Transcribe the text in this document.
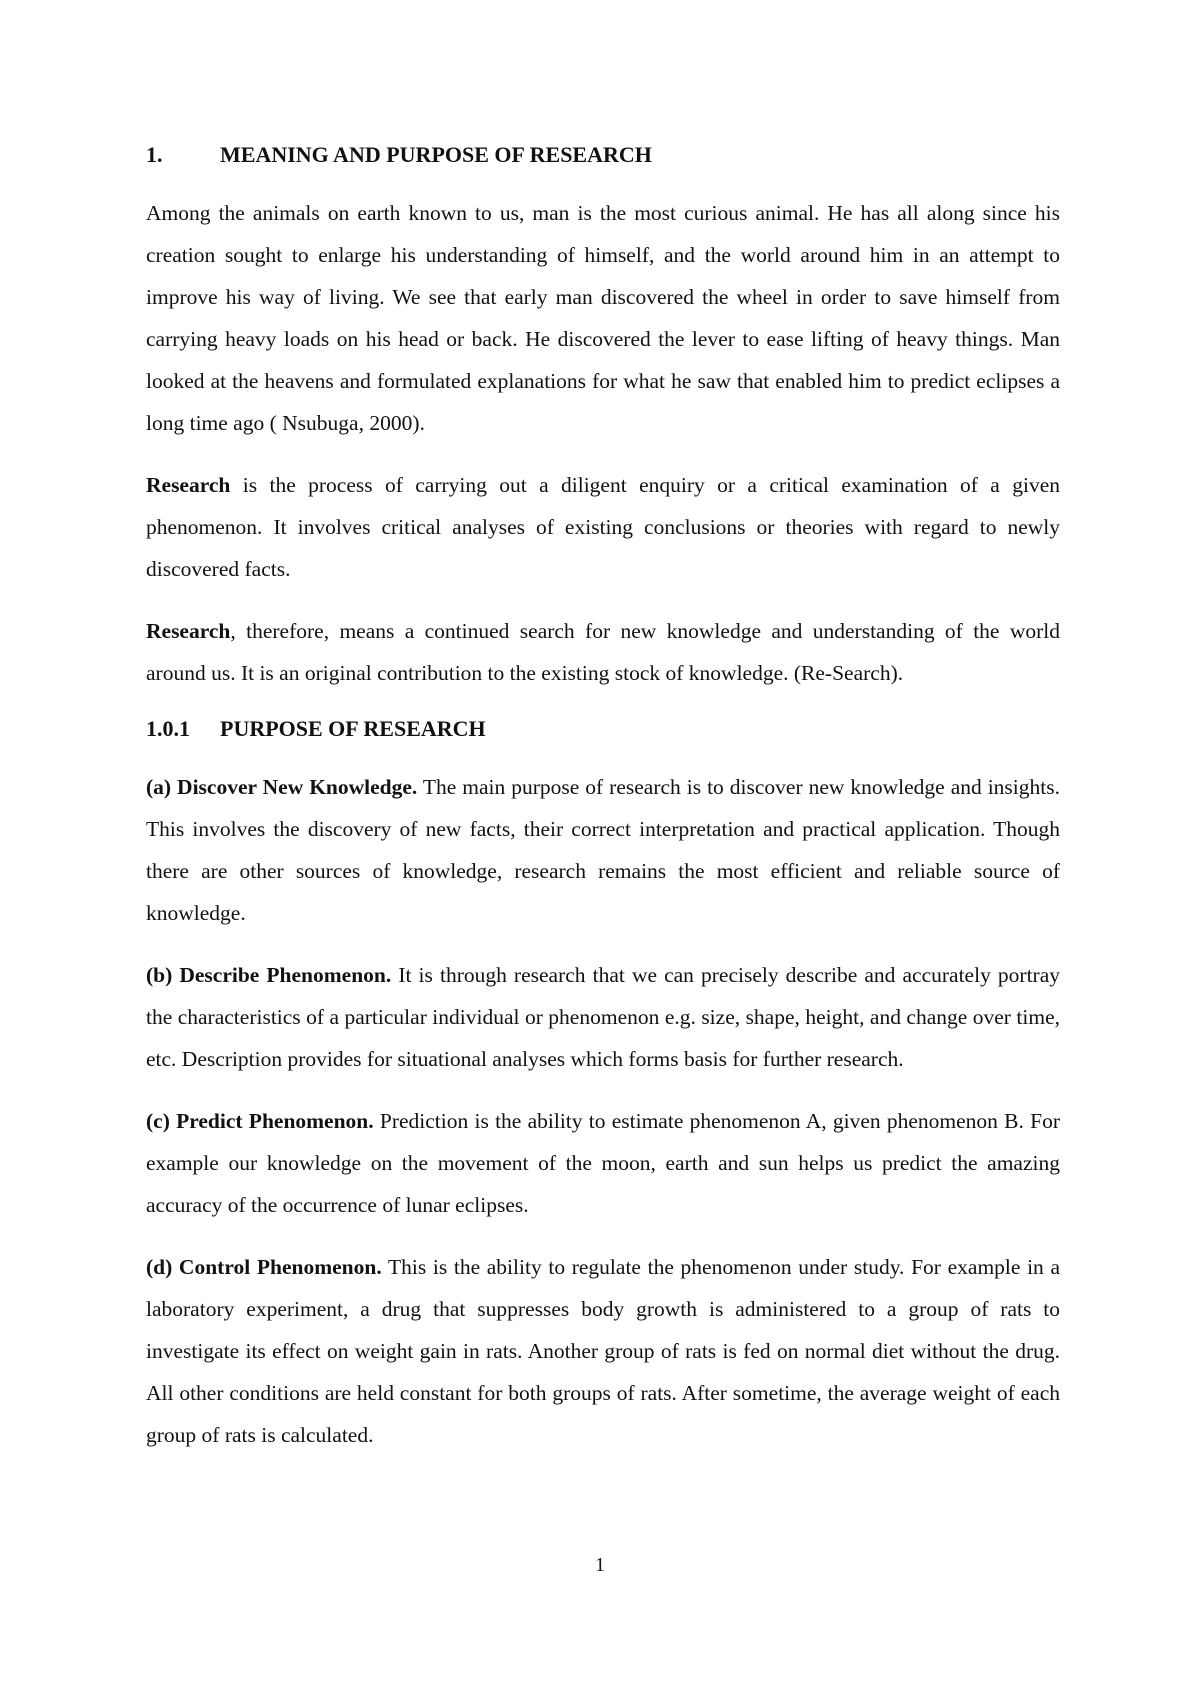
1.	MEANING AND PURPOSE OF RESEARCH

Among the animals on earth known to us, man is the most curious animal. He has all along since his creation sought to enlarge his understanding of himself, and the world around him in an attempt to improve his way of living. We see that early man discovered the wheel in order to save himself from carrying heavy loads on his head or back. He discovered the lever to ease lifting of heavy things. Man looked at the heavens and formulated explanations for what he saw that enabled him to predict eclipses a long time ago ( Nsubuga, 2000).

Research is the process of carrying out a diligent enquiry or a critical examination of a given phenomenon. It involves critical analyses of existing conclusions or theories with regard to newly discovered facts.

Research, therefore, means a continued search for new knowledge and understanding of the world around us. It is an original contribution to the existing stock of knowledge. (Re-Search).

1.0.1 PURPOSE OF RESEARCH

(a) Discover New Knowledge. The main purpose of research is to discover new knowledge and insights. This involves the discovery of new facts, their correct interpretation and practical application. Though there are other sources of knowledge, research remains the most efficient and reliable source of knowledge.

(b) Describe Phenomenon. It is through research that we can precisely describe and accurately portray the characteristics of a particular individual or phenomenon e.g. size, shape, height, and change over time, etc. Description provides for situational analyses which forms basis for further research.

(c) Predict Phenomenon. Prediction is the ability to estimate phenomenon A, given phenomenon B. For example our knowledge on the movement of the moon, earth and sun helps us predict the amazing accuracy of the occurrence of lunar eclipses.

(d) Control Phenomenon. This is the ability to regulate the phenomenon under study. For example in a laboratory experiment, a drug that suppresses body growth is administered to a group of rats to investigate its effect on weight gain in rats. Another group of rats is fed on normal diet without the drug. All other conditions are held constant for both groups of rats. After sometime, the average weight of each group of rats is calculated.

1
